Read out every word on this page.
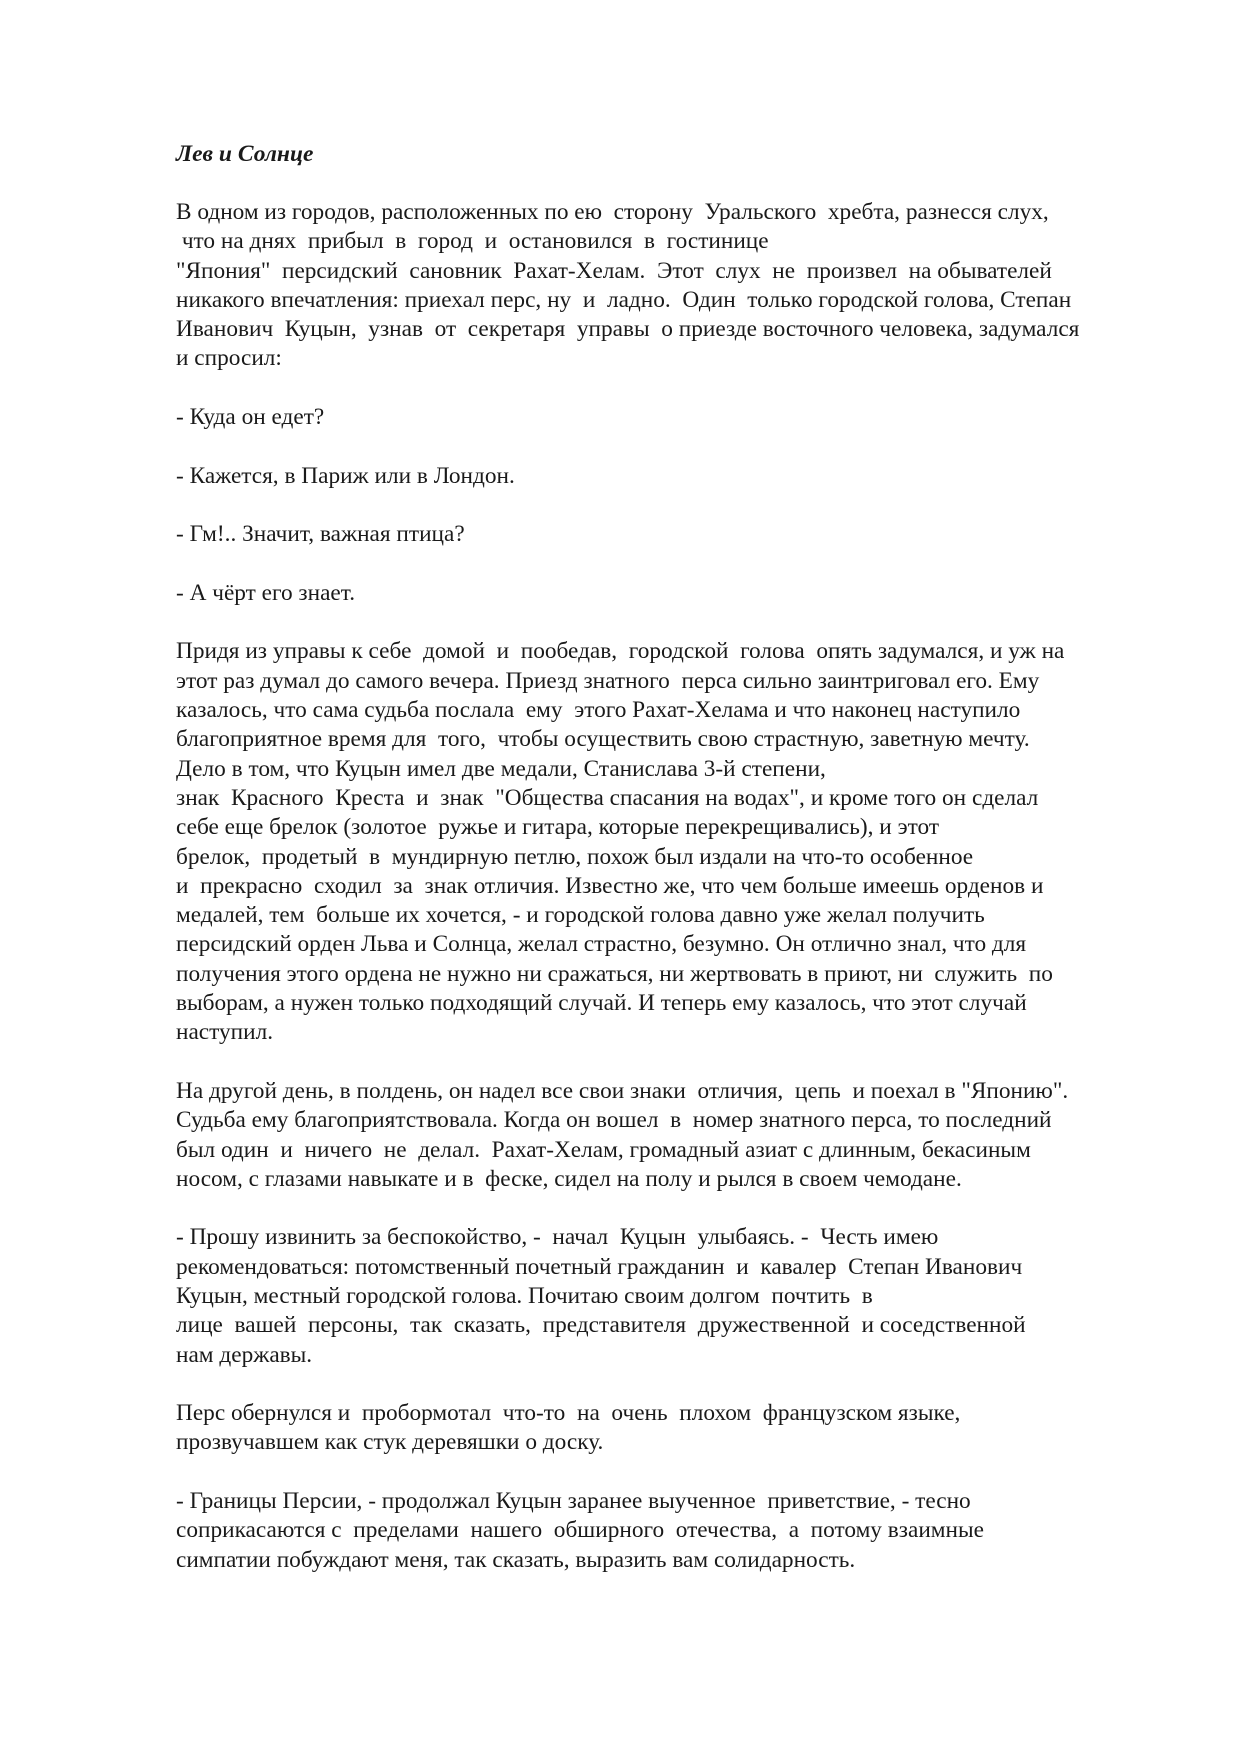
Лев и Солнце
В одном из городов, расположенных по ею  сторону  Уральского  хребта, разнесся слух,
что на днях  прибыл  в  город  и  остановился  в  гостинице
"Япония"  персидский  сановник  Рахат-Хелам.  Этот  слух  не  произвел  на обывателей
никакого впечатления: приехал перс, ну  и  ладно.  Один  только городской голова, Степан
Иванович  Куцын,  узнав  от  секретаря  управы  о приезде восточного человека, задумался
и спросил:
- Куда он едет?
- Кажется, в Париж или в Лондон.
- Гм!.. Значит, важная птица?
- А чёрт его знает.
Придя из управы к себе  домой  и  пообедав,  городской  голова  опять задумался, и уж на
этот раз думал до самого вечера. Приезд знатного  перса сильно заинтриговал его. Ему
казалось, что сама судьба послала  ему  этого Рахат-Хелама и что наконец наступило
благоприятное время для  того,  чтобы осуществить свою страстную, заветную мечту.
Дело в том, что Куцын имел две медали, Станислава 3-й степени,
знак  Красного  Креста  и  знак  "Общества спасания на водах", и кроме того он сделал
себе еще брелок (золотое  ружье и гитара, которые перекрещивались), и этот
брелок,  продетый  в  мундирную петлю, похож был издали на что-то особенное
и  прекрасно  сходил  за  знак отличия. Известно же, что чем больше имеешь орденов и
медалей, тем  больше их хочется, - и городской голова давно уже желал получить
персидский орден Льва и Солнца, желал страстно, безумно. Он отлично знал, что для
получения этого ордена не нужно ни сражаться, ни жертвовать в приют, ни  служить  по
выборам, а нужен только подходящий случай. И теперь ему казалось, что этот случай
наступил.
На другой день, в полдень, он надел все свои знаки  отличия,  цепь  и поехал в "Японию".
Судьба ему благоприятствовала. Когда он вошел  в  номер знатного перса, то последний
был один  и  ничего  не  делал.  Рахат-Хелам, громадный азиат с длинным, бекасиным
носом, с глазами навыкате и в  феске, сидел на полу и рылся в своем чемодане.
- Прошу извинить за беспокойство, -  начал  Куцын  улыбаясь. -  Честь имею
рекомендоваться: потомственный почетный гражданин  и  кавалер  Степан Иванович
Куцын, местный городской голова. Почитаю своим долгом  почтить  в
лице  вашей  персоны,  так  сказать,  представителя  дружественной  и соседственной
нам державы.
Перс обернулся и  пробормотал  что-то  на  очень  плохом  французском языке,
прозвучавшем как стук деревяшки о доску.
- Границы Персии, - продолжал Куцын заранее выученное  приветствие, - тесно
соприкасаются с  пределами  нашего  обширного  отечества,  а  потому взаимные
симпатии побуждают меня, так сказать, выразить вам солидарность.
